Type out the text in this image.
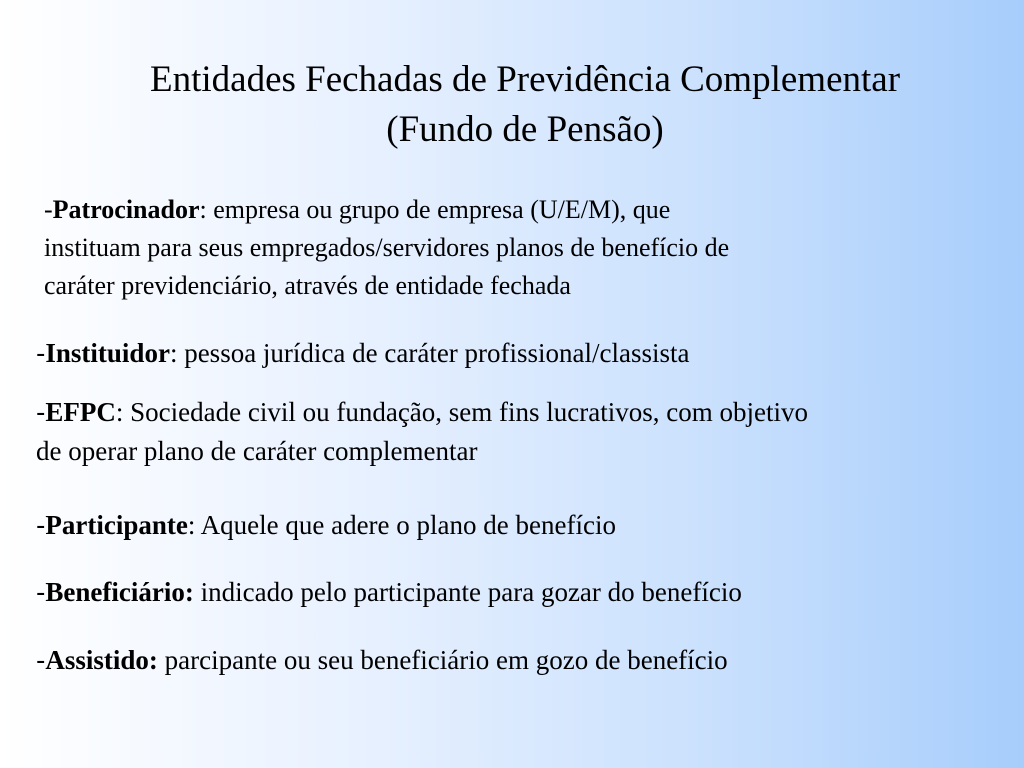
Entidades Fechadas de Previdência Complementar
(Fundo de Pensão)
-Patrocinador: empresa ou grupo de empresa (U/E/M), que
instituam para seus empregados/servidores planos de benefício de
caráter previdenciário, através de entidade fechada
-Instituidor: pessoa jurídica de caráter profissional/classista
-EFPC: Sociedade civil ou fundação, sem fins lucrativos, com objetivo
de operar plano de caráter complementar
-Participante: Aquele que adere o plano de benefício
-Beneficiário: indicado pelo participante para gozar do benefício
-Assistido: parcipante ou seu beneficiário em gozo de benefício
